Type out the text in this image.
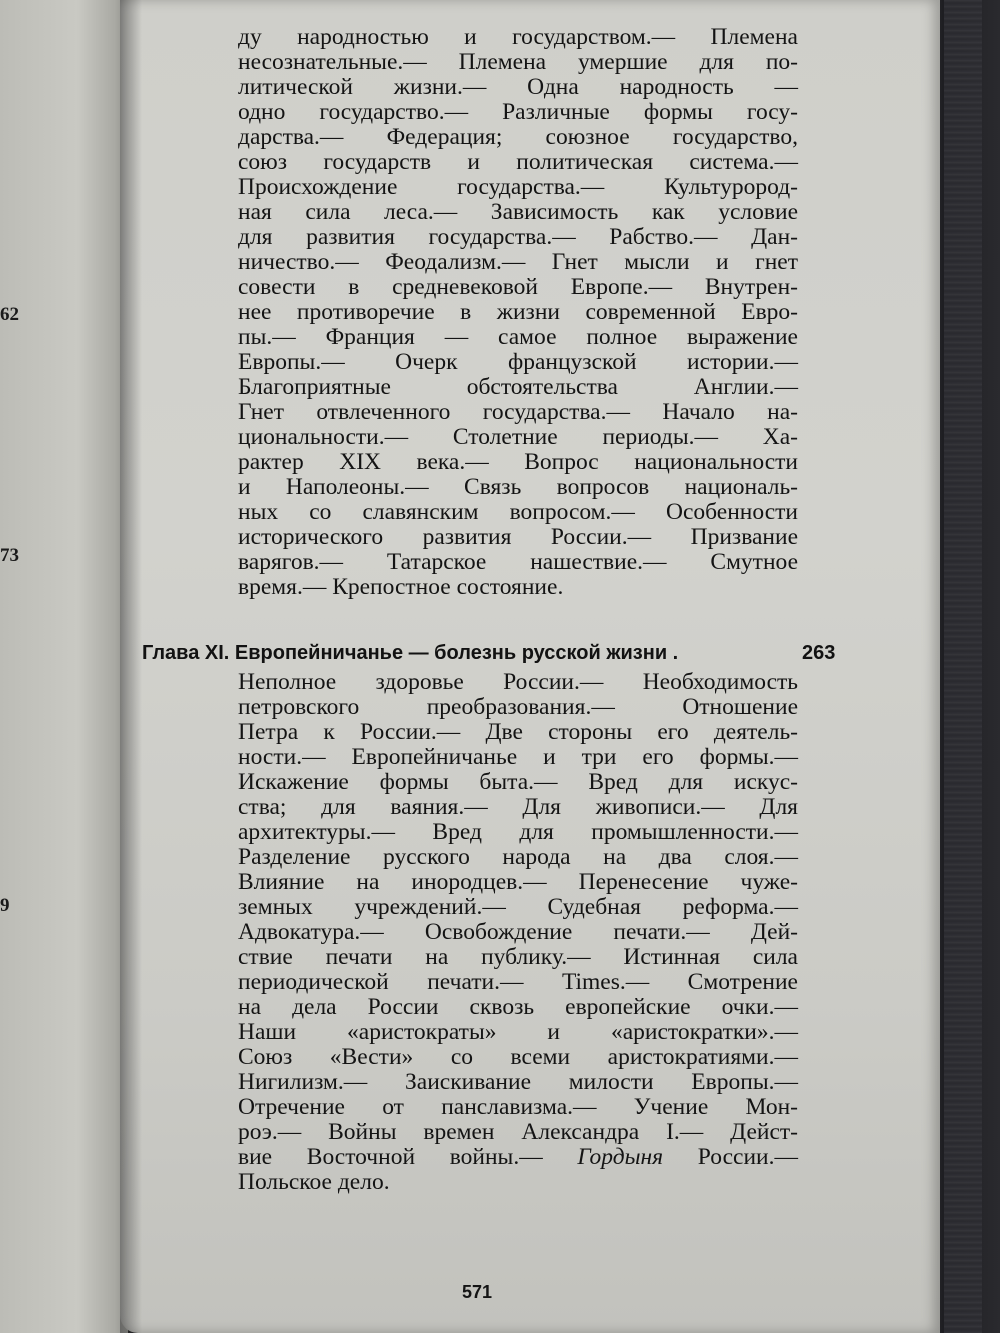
62
73
9
ду народностью и государством.— Племена
несознательные.— Племена умершие для по-
литической жизни.— Одна народность —
одно государство.— Различные формы госу-
дарства.— Федерация; союзное государство,
союз государств и политическая система.—
Происхождение государства.— Культурород-
ная сила леса.— Зависимость как условие
для развития государства.— Рабство.— Дан-
ничество.— Феодализм.— Гнет мысли и гнет
совести в средневековой Европе.— Внутрен-
нее противоречие в жизни современной Евро-
пы.— Франция — самое полное выражение
Европы.— Очерк французской истории.—
Благоприятные обстоятельства Англии.—
Гнет отвлеченного государства.— Начало на-
циональности.— Столетние периоды.— Ха-
рактер XIX века.— Вопрос национальности
и Наполеоны.— Связь вопросов националь-
ных со славянским вопросом.— Особенности
исторического развития России.— Призвание
варягов.— Татарское нашествие.— Смутное
время.— Крепостное состояние.
Глава XI. Европейничанье — болезнь русской жизни .	263
Неполное здоровье России.— Необходимость
петровского преобразования.— Отношение
Петра к России.— Две стороны его деятель-
ности.— Европейничанье и три его формы.—
Искажение формы быта.— Вред для искус-
ства; для ваяния.— Для живописи.— Для
архитектуры.— Вред для промышленности.—
Разделение русского народа на два слоя.—
Влияние на инородцев.— Перенесение чуже-
земных учреждений.— Судебная реформа.—
Адвокатура.— Освобождение печати.— Дей-
ствие печати на публику.— Истинная сила
периодической печати.— Times.— Смотрение
на дела России сквозь европейские очки.—
Наши «аристократы» и «аристократки».—
Союз «Вести» со всеми аристократиями.—
Нигилизм.— Заискивание милости Европы.—
Отречение от панславизма.— Учение Мон-
роэ.— Войны времен Александра I.— Дейст-
вие Восточной войны.— Гордыня России.—
Польское дело.
571
